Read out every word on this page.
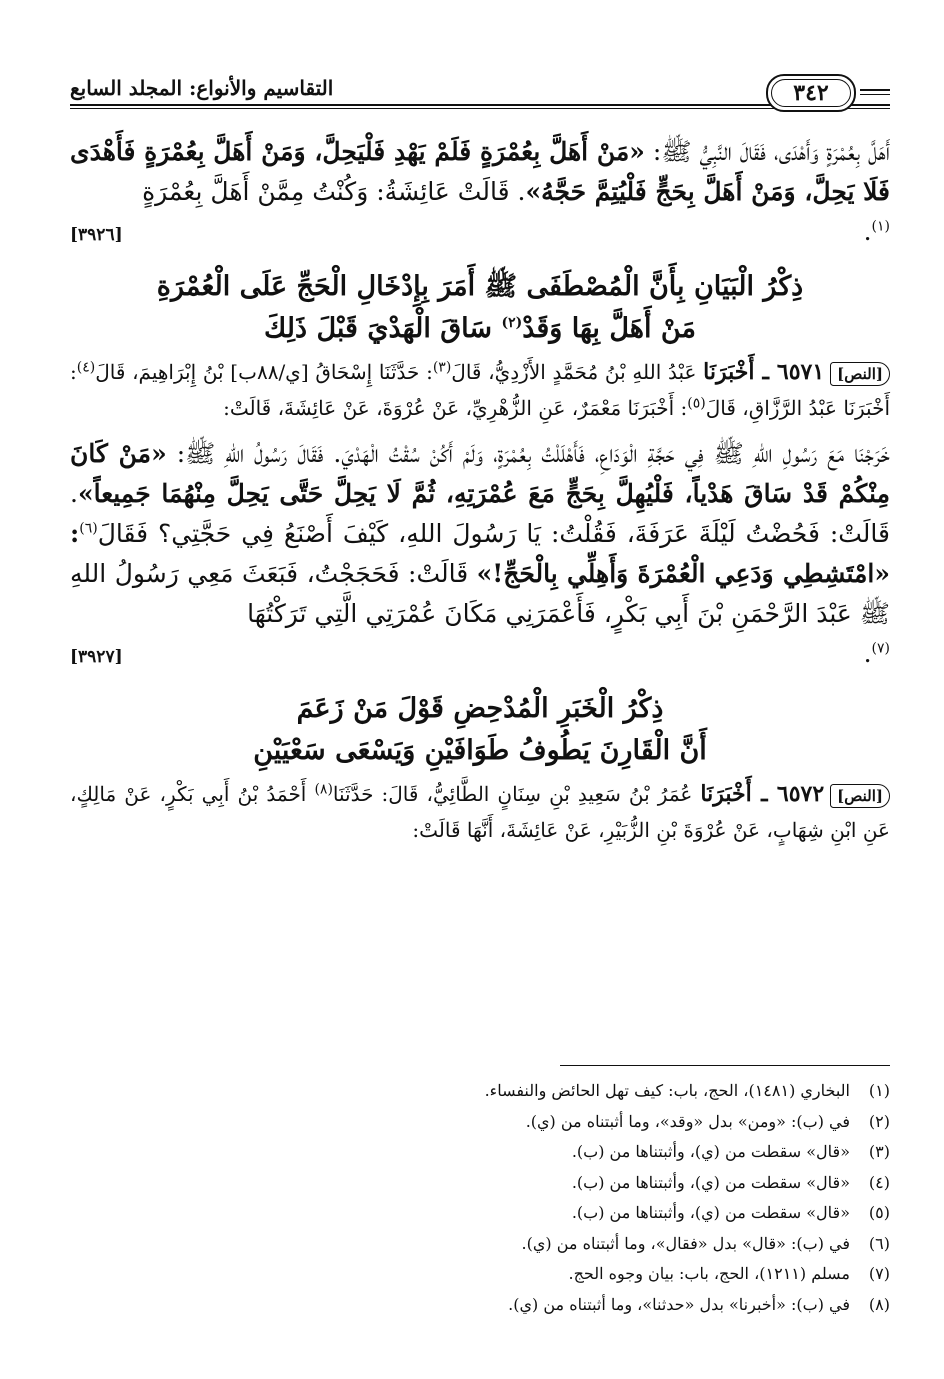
٣٤٢
التقاسيم والأنواع: المجلد السابع

أَهَلَّ بِعُمْرَةٍ وَأَهْدَى، فَقَالَ النَّبِيُّ ﷺ: «مَنْ أَهَلَّ بِعُمْرَةٍ فَلَمْ يَهْدِ فَلْيَحِلَّ، وَمَنْ أَهَلَّ بِعُمْرَةٍ فَأَهْدَى فَلَا يَحِلَّ، وَمَنْ أَهَلَّ بِحَجٍّ فَلْيُتِمَّ حَجَّهُ». قَالَتْ عَائِشَةُ: وَكُنْتُ مِمَّنْ أَهَلَّ بِعُمْرَةٍ

$^{(١)}$.
[٣٩٢٦]
ذِكْرُ الْبَيَانِ بِأَنَّ الْمُصْطَفَى ﷺ أَمَرَ بِإِدْخَالِ الْحَجِّ عَلَى الْعُمْرَةِ
مَنْ أَهَلَّ بِهَا وَقَدْ$^{(٢)}$ سَاقَ الْهَدْيَ قَبْلَ ذَلِكَ

[النص]٦٥٧١ ـ أَخْبَرَنَا عَبْدُ اللهِ بْنُ مُحَمَّدٍ الأَزْدِيُّ، قَالَ$^{(٣)}$: حَدَّثَنَا إِسْحَاقُ [ي/٨٨ب] بْنُ إِبْرَاهِيمَ، قَالَ$^{(٤)}$: أَخْبَرَنَا عَبْدُ الرَّزَّاقِ، قَالَ$^{(٥)}$: أَخْبَرَنَا مَعْمَرٌ، عَنِ الزُّهْرِيِّ، عَنْ عُرْوَةَ، عَنْ عَائِشَةَ، قَالَتْ:

خَرَجْنَا مَعَ رَسُولِ اللهِ ﷺ فِي حَجَّةِ الْوَدَاعِ، فَأَهْلَلْتُ بِعُمْرَةٍ، وَلَمْ أَكُنْ سُقْتُ الْهَدْيَ. فَقَالَ رَسُولُ اللهِ ﷺ: «مَنْ كَانَ مِنْكُمْ قَدْ سَاقَ هَدْياً، فَلْيُهِلَّ بِحَجٍّ مَعَ عُمْرَتِهِ، ثُمَّ لَا يَحِلَّ حَتَّى يَحِلَّ مِنْهُمَا جَمِيعاً». قَالَتْ: فَحُضْتُ لَيْلَةَ عَرَفَةَ، فَقُلْتُ: يَا رَسُولَ اللهِ، كَيْفَ أَصْنَعُ فِي حَجَّتِي؟ فَقَالَ$^{(٦)}$: «امْتَشِطِي وَدَعِي الْعُمْرَةَ وَأَهِلِّي بِالْحَجِّ!» قَالَتْ: فَحَجَجْتُ، فَبَعَثَ مَعِي رَسُولُ اللهِ ﷺ عَبْدَ الرَّحْمَنِ بْنَ أَبِي بَكْرٍ، فَأَعْمَرَنِي مَكَانَ عُمْرَتِي الَّتِي تَرَكْتُهَا

$^{(٧)}$.
[٣٩٢٧]
ذِكْرُ الْخَبَرِ الْمُدْحِضِ قَوْلَ مَنْ زَعَمَ
أَنَّ الْقَارِنَ يَطُوفُ طَوَافَيْنِ وَيَسْعَى سَعْيَيْنِ

[النص]٦٥٧٢ ـ أَخْبَرَنَا عُمَرُ بْنُ سَعِيدِ بْنِ سِنَانٍ الطَّائِيُّ، قَالَ: حَدَّثَنَا$^{(٨)}$ أَحْمَدُ بْنُ أَبِي بَكْرٍ، عَنْ مَالِكٍ، عَنِ ابْنِ شِهَابٍ، عَنْ عُرْوَةَ بْنِ الزُّبَيْرِ، عَنْ عَائِشَةَ، أَنَّهَا قَالَتْ:

(١)البخاري (١٤٨١)، الحج، باب: كيف تهل الحائض والنفساء.
(٢)في (ب): «ومن» بدل «وقد»، وما أثبتناه من (ي).
(٣)«قال» سقطت من (ي)، وأثبتناها من (ب).
(٤)«قال» سقطت من (ي)، وأثبتناها من (ب).
(٥)«قال» سقطت من (ي)، وأثبتناها من (ب).
(٦)في (ب): «قال» بدل «فقال»، وما أثبتناه من (ي).
(٧)مسلم (١٢١١)، الحج، باب: بيان وجوه الحج.
(٨)في (ب): «أخبرنا» بدل «حدثنا»، وما أثبتناه من (ي).
